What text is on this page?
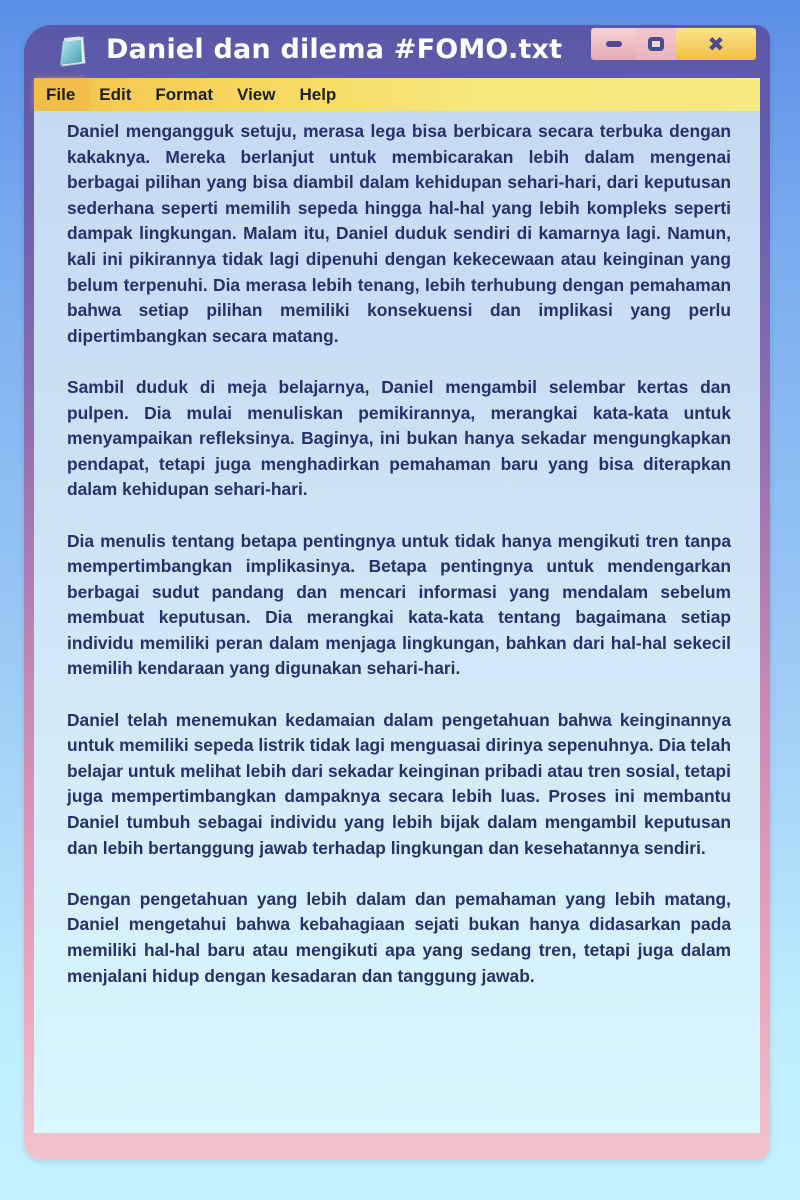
Daniel dan dilema #FOMO.txt	✖
File	Edit	Format	View	Help

Daniel mengangguk setuju, merasa lega bisa berbicara secara terbuka dengan kakaknya. Mereka berlanjut untuk membicarakan lebih dalam mengenai berbagai pilihan yang bisa diambil dalam kehidupan sehari-hari, dari keputusan sederhana seperti memilih sepeda hingga hal-hal yang lebih kompleks seperti dampak lingkungan. Malam itu, Daniel duduk sendiri di kamarnya lagi. Namun, kali ini pikirannya tidak lagi dipenuhi dengan kekecewaan atau keinginan yang belum terpenuhi. Dia merasa lebih tenang, lebih terhubung dengan pemahaman bahwa setiap pilihan memiliki konsekuensi dan implikasi yang perlu dipertimbangkan secara matang.

Sambil duduk di meja belajarnya, Daniel mengambil selembar kertas dan pulpen. Dia mulai menuliskan pemikirannya, merangkai kata-kata untuk menyampaikan refleksinya. Baginya, ini bukan hanya sekadar mengungkapkan pendapat, tetapi juga menghadirkan pemahaman baru yang bisa diterapkan dalam kehidupan sehari-hari.

Dia menulis tentang betapa pentingnya untuk tidak hanya mengikuti tren tanpa mempertimbangkan implikasinya. Betapa pentingnya untuk mendengarkan berbagai sudut pandang dan mencari informasi yang mendalam sebelum membuat keputusan. Dia merangkai kata-kata tentang bagaimana setiap individu memiliki peran dalam menjaga lingkungan, bahkan dari hal-hal sekecil memilih kendaraan yang digunakan sehari-hari.

Daniel telah menemukan kedamaian dalam pengetahuan bahwa keinginannya untuk memiliki sepeda listrik tidak lagi menguasai dirinya sepenuhnya. Dia telah belajar untuk melihat lebih dari sekadar keinginan pribadi atau tren sosial, tetapi juga mempertimbangkan dampaknya secara lebih luas. Proses ini membantu Daniel tumbuh sebagai individu yang lebih bijak dalam mengambil keputusan dan lebih bertanggung jawab terhadap lingkungan dan kesehatannya sendiri.

Dengan pengetahuan yang lebih dalam dan pemahaman yang lebih matang, Daniel mengetahui bahwa kebahagiaan sejati bukan hanya didasarkan pada memiliki hal-hal baru atau mengikuti apa yang sedang tren, tetapi juga dalam menjalani hidup dengan kesadaran dan tanggung jawab.
